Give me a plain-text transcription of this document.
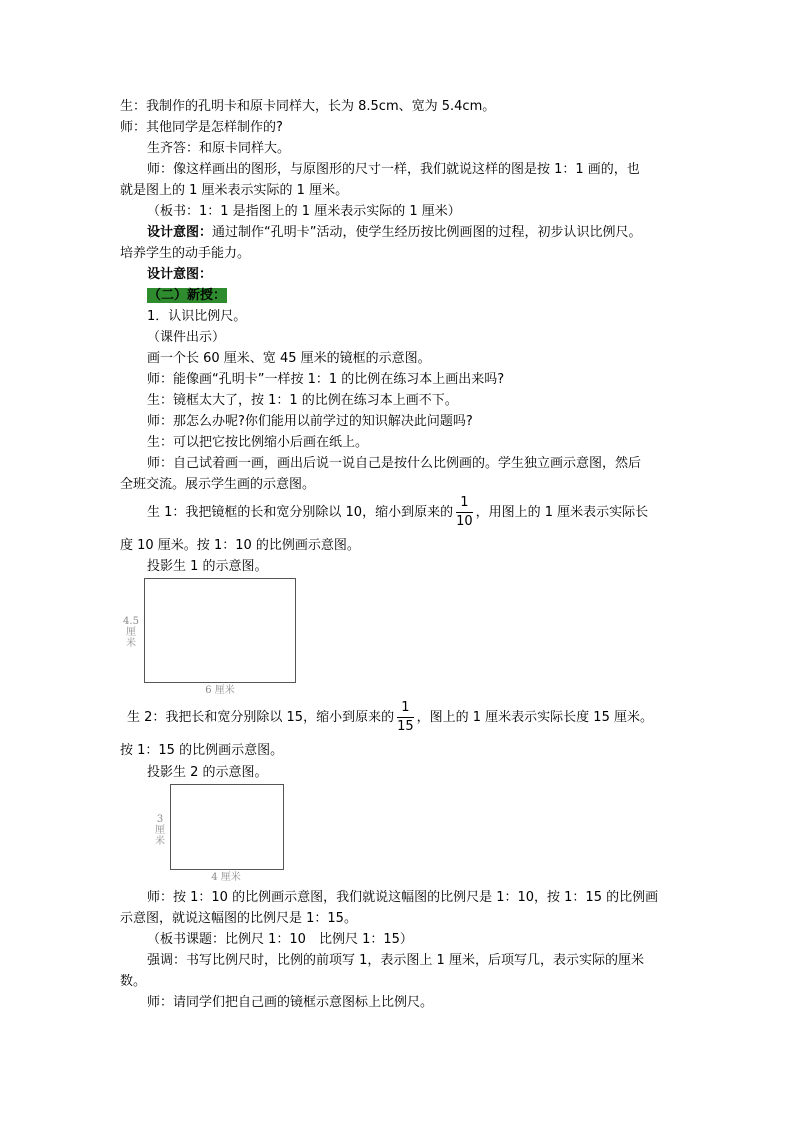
生：我制作的孔明卡和原卡同样大，长为 8.5cm、宽为 5.4cm。
师：其他同学是怎样制作的?
生齐答：和原卡同样大。
师：像这样画出的图形，与原图形的尺寸一样，我们就说这样的图是按 1：1 画的，也
就是图上的 1 厘米表示实际的 1 厘米。
（板书：1：1 是指图上的 1 厘米表示实际的 1 厘米）
设计意图：通过制作“孔明卡”活动，使学生经历按比例画图的过程，初步认识比例尺。
培养学生的动手能力。
设计意图：
（二）新授：
1．认识比例尺。
（课件出示）
画一个长 60 厘米、宽 45 厘米的镜框的示意图。
师：能像画“孔明卡”一样按 1：1 的比例在练习本上画出来吗?
生：镜框太大了，按 1：1 的比例在练习本上画不下。
师：那怎么办呢?你们能用以前学过的知识解决此问题吗?
生：可以把它按比例缩小后画在纸上。
师：自己试着画一画，画出后说一说自己是按什么比例画的。学生独立画示意图，然后
全班交流。展示学生画的示意图。
生 1：我把镜框的长和宽分别除以 10，缩小到原来的 $\frac{1}{10}$ ，用图上的 1 厘米表示实际长
度 10 厘米。按 1：10 的比例画示意图。
投影生 1 的示意图。
4.5
厘
米
6 厘米
生 2：我把长和宽分别除以 15，缩小到原来的 $\frac{1}{15}$ ，图上的 1 厘米表示实际长度 15 厘米。
按 1：15 的比例画示意图。
投影生 2 的示意图。
3
厘
米
4 厘米
师：按 1：10 的比例画示意图，我们就说这幅图的比例尺是 1：10，按 1：15 的比例画
示意图，就说这幅图的比例尺是 1：15。
（板书课题：比例尺 1：10　比例尺 1：15）
强调：书写比例尺时，比例的前项写 1，表示图上 1 厘米，后项写几，表示实际的厘米
数。
师：请同学们把自己画的镜框示意图标上比例尺。
